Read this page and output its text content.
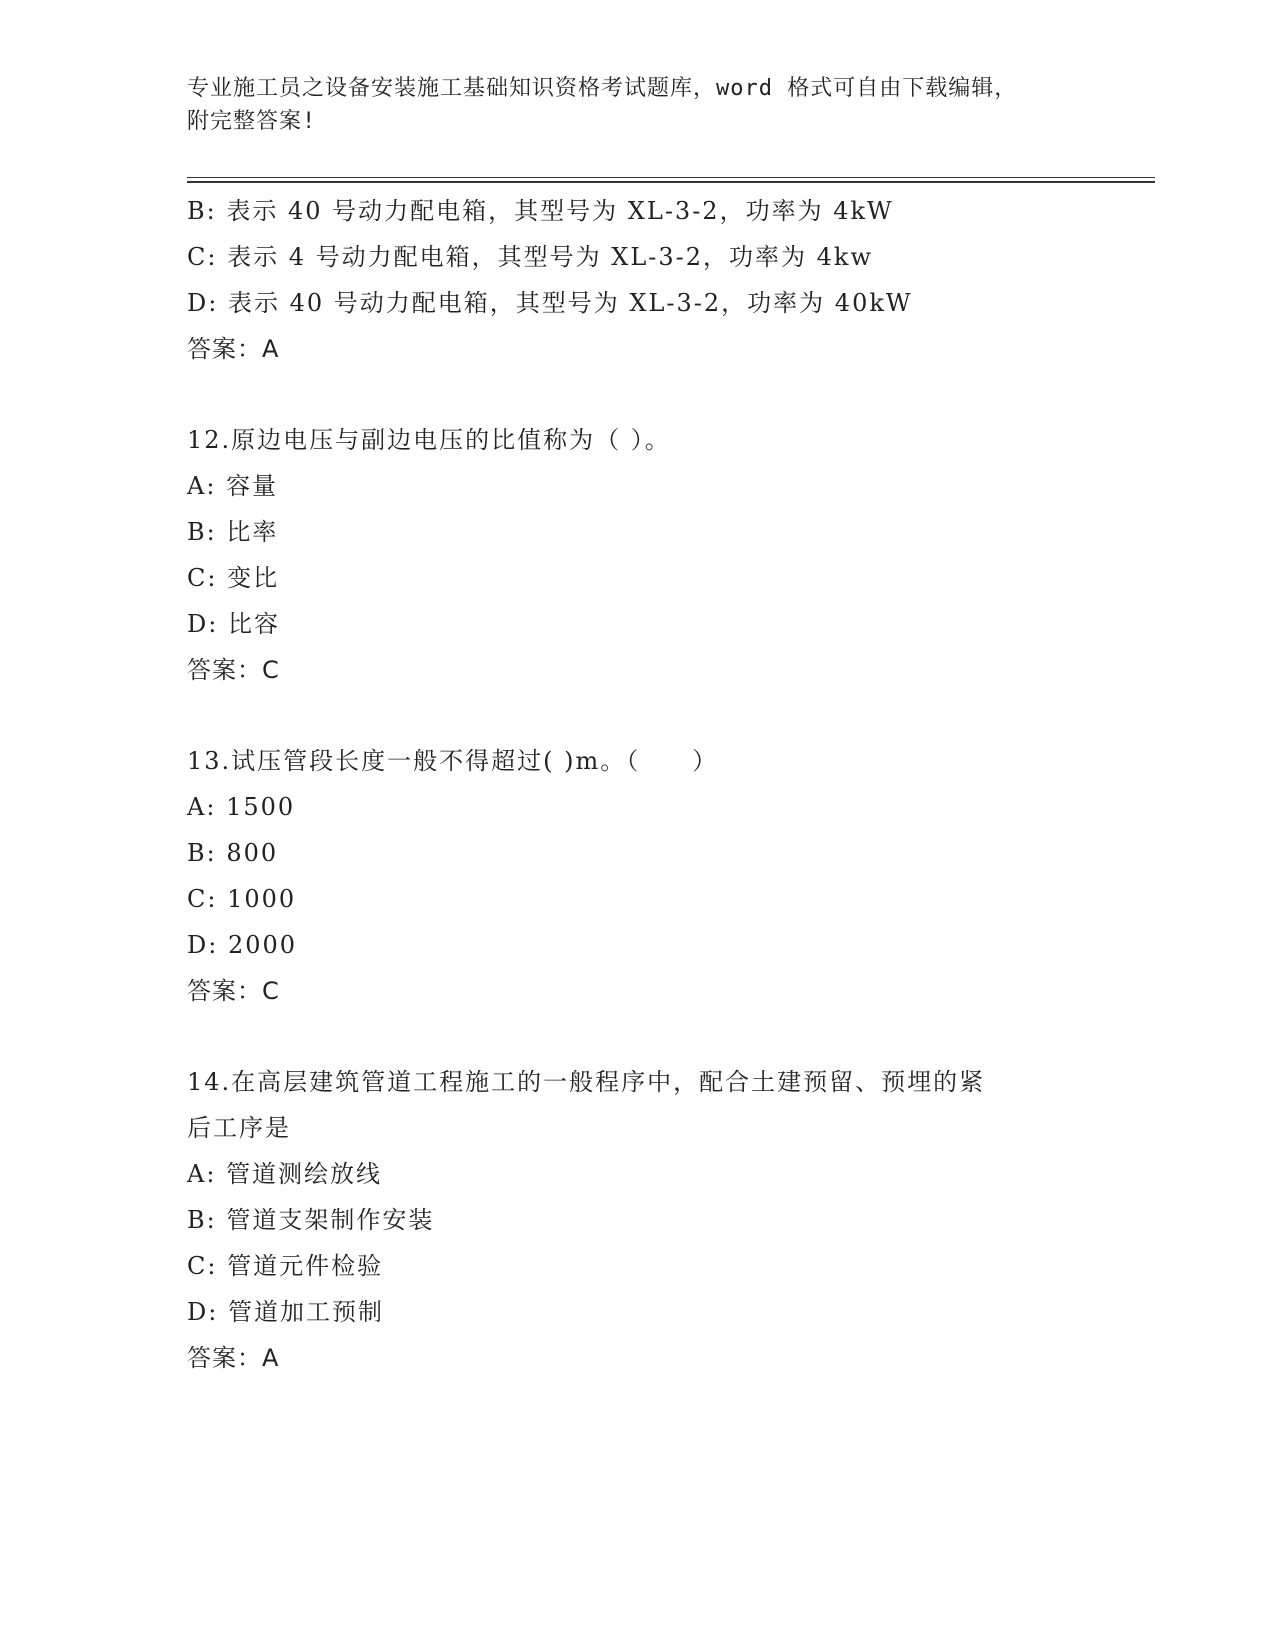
专业施工员之设备安装施工基础知识资格考试题库，word 格式可自由下载编辑，
附完整答案!
B: 表示 40 号动力配电箱，其型号为 XL-3-2，功率为 4kW
C: 表示 4 号动力配电箱，其型号为 XL-3-2，功率为 4kw
D: 表示 40 号动力配电箱，其型号为 XL-3-2，功率为 40kW
答案：A
12.原边电压与副边电压的比值称为（ ）。
A: 容量
B: 比率
C: 变比
D: 比容
答案：C
13.试压管段长度一般不得超过( )m。（　　）
A: 1500
B: 800
C: 1000
D: 2000
答案：C
14.在高层建筑管道工程施工的一般程序中，配合土建预留、预埋的紧
后工序是
A: 管道测绘放线
B: 管道支架制作安装
C: 管道元件检验
D: 管道加工预制
答案：A
